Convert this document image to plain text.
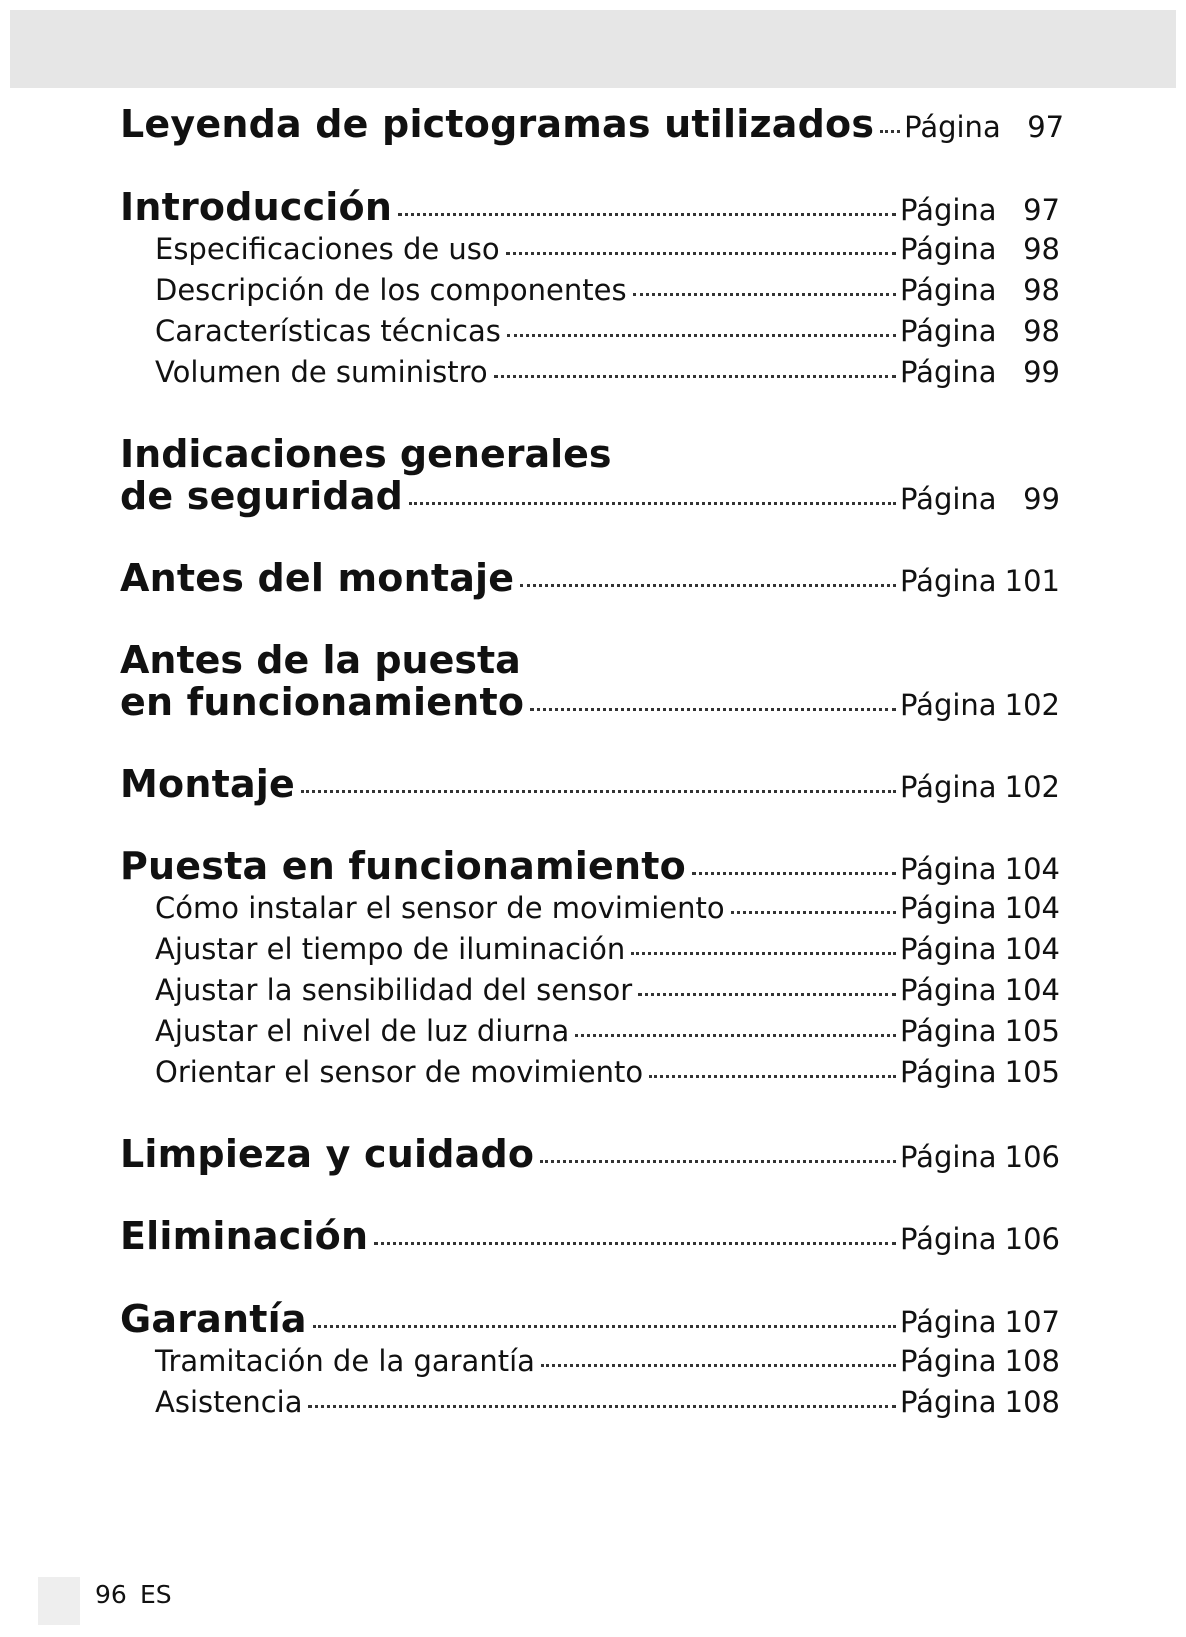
Leyenda de pictogramas utilizados Página 97
Introducción	Página 97
Especificaciones de uso	Página 98
Descripción de los componentes	Página 98
Características técnicas	Página 98
Volumen de suministro	Página 99
Indicaciones generales
de seguridad	Página 99
Antes del montaje	Página 101
Antes de la puesta
en funcionamiento	Página 102
Montaje	Página 102
Puesta en funcionamiento	Página 104
Cómo instalar el sensor de movimiento	Página 104
Ajustar el tiempo de iluminación	Página 104
Ajustar la sensibilidad del sensor	Página 104
Ajustar el nivel de luz diurna	Página 105
Orientar el sensor de movimiento	Página 105
Limpieza y cuidado	Página 106
Eliminación	Página 106
Garantía	Página 107
Tramitación de la garantía	Página 108
Asistencia	Página 108
96 ES
